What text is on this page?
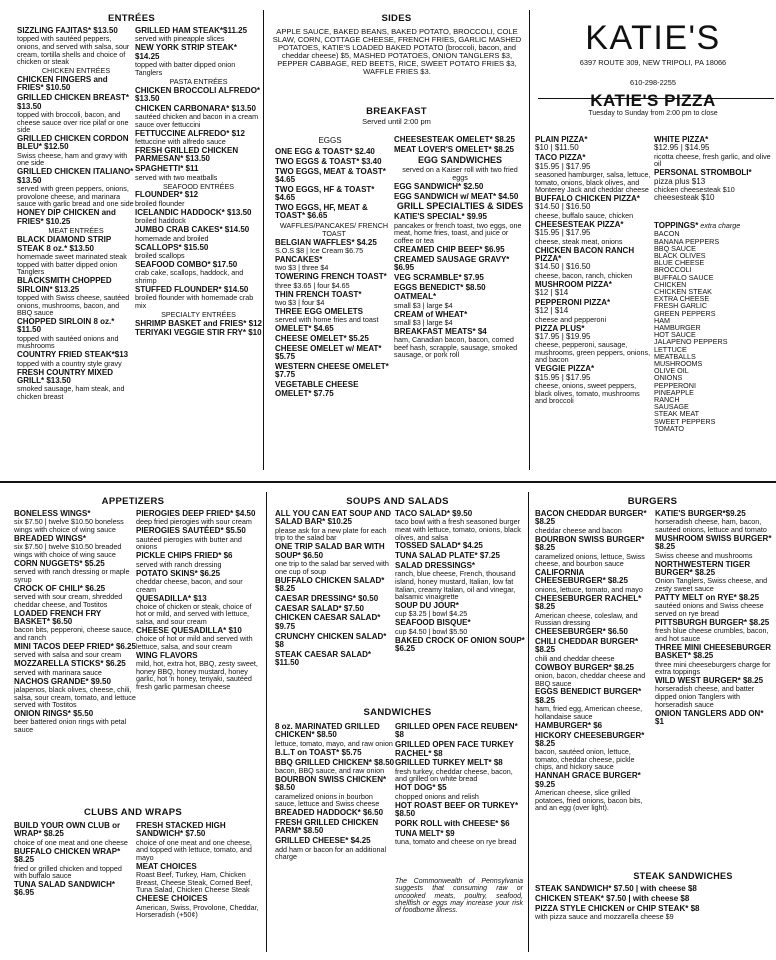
ENTRÉES
SIZZLING FAJITAS* $13.50
topped with sautéed peppers, onions, and served with salsa, sour cream, tortilla shells and choice of chicken or steak
CHICKEN ENTRÉES
CHICKEN FINGERS and FRIES* $10.50
GRILLED CHICKEN BREAST* $13.50
topped with broccoli, bacon, and cheese sauce over rice pilaf or one side
GRILLED CHICKEN CORDON BLEU* $12.50
Swiss cheese, ham and gravy with one side
GRILLED CHICKEN ITALIANO* $13.50
served with green peppers, onions, provolone cheese, and marinara sauce with garlic bread and one side
HONEY DIP CHICKEN and FRIES* $10.25
MEAT ENTRÉES
BLACK DIAMOND STRIP STEAK 8 oz.* $13.50
homemade sweet marinated steak topped with batter dipped onion Tanglers
BLACKSMITH CHOPPED SIRLOIN* $13.25
topped with Swiss cheese, sautéed onions, mushrooms, bacon, and BBQ sauce
CHOPPED SIRLOIN 8 oz.* $11.50
topped with sautéed onions and mushrooms
COUNTRY FRIED STEAK*$13
topped with a country style gravy
FRESH COUNTRY MIXED GRILL* $13.50
smoked sausage, ham steak, and chicken breast
GRILLED HAM STEAK*$11.25
served with pineapple slices
NEW YORK STRIP STEAK* $14.25
topped with batter dipped onion Tanglers
PASTA ENTRÉES
CHICKEN BROCCOLI ALFREDO* $13.50
CHICKEN CARBONARA* $13.50
sautéed chicken and bacon in a cream sauce over fettuccini
FETTUCCINE ALFREDO* $12
fettuccine with alfredo sauce
FRESH GRILLED CHICKEN PARMESAN* $13.50
SPAGHETTI* $11
served with two meatballs
SEAFOOD ENTRÉES
FLOUNDER* $12
broiled flounder
ICELANDIC HADDOCK* $13.50
broiled haddock
JUMBO CRAB CAKES* $14.50
homemade and broiled
SCALLOPS* $15.50
broiled scallops
SEAFOOD COMBO* $17.50
crab cake, scallops, haddock, and shrimp
STUFFED FLOUNDER* $14.50
broiled flounder with homemade crab mix
SPECIALTY ENTRÉES
SHRIMP BASKET and FRIES* $12
TERIYAKI VEGGIE STIR FRY* $10
SIDES
APPLE SAUCE, BAKED BEANS, BAKED POTATO, BROCCOLI, COLE SLAW, CORN, COTTAGE CHEESE, FRENCH FRIES, GARLIC MASHED POTATOES, KATIE'S LOADED BAKED POTATO (broccoli, bacon, and cheddar cheese) $5, MASHED POTATOES, ONION TANGLERS $3, PEPPER CABBAGE, RED BEETS, RICE, SWEET POTATO FRIES $3, WAFFLE FRIES $3.
BREAKFAST
Served until 2:00 pm
EGGS
ONE EGG & TOAST* $2.40
TWO EGGS & TOAST* $3.40
TWO EGGS, MEAT & TOAST* $4.65
TWO EGGS, HF & TOAST* $4.65
TWO EGGS, HF, MEAT & TOAST* $6.65
WAFFLES/PANCAKES/ FRENCH TOAST
BELGIAN WAFFLES* $4.25
S.O.S $8 | Ice Cream $6.75
PANCAKES*
two $3 | three $4
TOWERING FRENCH TOAST*
three $3.65 | four $4.65
THIN FRENCH TOAST*
two $3 | four $4
THREE EGG OMELETS
served with home fries and toast
OMELET* $4.65
CHEESE OMELET* $5.25
CHEESE OMELET w/ MEAT* $5.75
WESTERN CHEESE OMELET* $7.75
VEGETABLE CHEESE OMELET* $7.75
CHEESESTEAK OMELET* $8.25
MEAT LOVER'S OMELET* $8.25
EGG SANDWICHES
served on a Kaiser roll with two fried eggs
EGG SANDWICH* $2.50
EGG SANDWICH w/ MEAT* $4.50
GRILL SPECIALTIES & SIDES
KATIE'S SPECIAL* $9.95
pancakes or french toast, two eggs, one meat, home fries, toast, and juice or coffee or tea
CREAMED CHIP BEEF* $6.95
CREAMED SAUSAGE GRAVY* $6.95
VEG SCRAMBLE* $7.95
EGGS BENEDICT* $8.50
OATMEAL*
small $3 | large $4
CREAM of WHEAT*
small $3 | large $4
BREAKFAST MEATS* $4
ham, Canadian bacon, bacon, corned beef hash, scrapple, sausage, smoked sausage, or pork roll
KATIE'S
6397 ROUTE 309, NEW TRIPOLI, PA 18066
610-298-2255
KATIE'S PIZZA
Tuesday to Sunday from 2:00 pm to close
PLAIN PIZZA*
$10 | $11.50
TACO PIZZA*
$15.95 | $17.95
seasoned hamburger, salsa, lettuce, tomato, onions, black olives, and Monterey Jack and cheddar cheese
BUFFALO CHICKEN PIZZA*
$14.50 | $16.50
cheese, buffalo sauce, chicken
CHEESESTEAK PIZZA*
$15.95 | $17.95
cheese, steak meat, onions
CHICKEN BACON RANCH PIZZA*
$14.50 | $16.50
cheese, bacon, ranch, chicken
MUSHROOM PIZZA*
$12 | $14
PEPPERONI PIZZA*
$12 | $14
cheese and pepperoni
PIZZA PLUS*
$17.95 | $19.95
cheese, pepperoni, sausage, mushrooms, green peppers, onions, and bacon
VEGGIE PIZZA*
$15.95 | $17.95
cheese, onions, sweet peppers, black olives, tomato, mushrooms and broccoli
WHITE PIZZA*
$12.95 | $14.95
ricotta cheese, fresh garlic, and olive oil
PERSONAL STROMBOLI*
pizza plus $13
chicken cheesesteak $10
cheesesteak $10
TOPPINGS* extra charge
BACON
BANANA PEPPERS
BBQ SAUCE
BLACK OLIVES
BLUE CHEESE
BROCCOLI
BUFFALO SAUCE
CHICKEN
CHICKEN STEAK
EXTRA CHEESE
FRESH GARLIC
GREEN PEPPERS
HAM
HAMBURGER
HOT SAUCE
JALAPENO PEPPERS
LETTUCE
MEATBALLS
MUSHROOMS
OLIVE OIL
ONIONS
PEPPERONI
PINEAPPLE
RANCH
SAUSAGE
STEAK MEAT
SWEET PEPPERS
TOMATO
APPETIZERS
BONELESS WINGS*
six $7.50 | twelve $10.50 boneless wings with choice of wing sauce
BREADED WINGS*
six $7.50 | twelve $10.50 breaded wings with choice of wing sauce
CORN NUGGETS* $5.25
served with ranch dressing or maple syrup
CROCK OF CHILI* $6.25
served with sour cream, shredded cheddar cheese, and Tostitos
LOADED FRENCH FRY BASKET* $6.50
bacon bits, pepperoni, cheese sauce, and ranch
MINI TACOS DEEP FRIED* $6.25
served with salsa and sour cream
MOZZARELLA STICKS* $6.25
served with marinara sauce
NACHOS GRANDE* $9.50
jalapenos, black olives, cheese, chili, salsa, sour cream, tomato, and lettuce served with Tostitos
ONION RINGS* $5.50
beer battered onion rings with petal sauce
PIEROGIES DEEP FRIED* $4.50
deep fried pierogies with sour cream
PIEROGIES SAUTÉED* $5.50
sautéed pierogies with butter and onions
PICKLE CHIPS FRIED* $6
served with ranch dressing
POTATO SKINS* $6.25
cheddar cheese, bacon, and sour cream
QUESADILLA* $13
choice of chicken or steak, choice of hot or mild, and served with lettuce, salsa, and sour cream
CHEESE QUESADILLA* $10
choice of hot or mild and served with lettuce, salsa, and sour cream
WING FLAVORS
mild, hot, extra hot, BBQ, zesty sweet, honey BBQ, honey mustard, honey garlic, hot 'n honey, teriyaki, sautéed fresh garlic parmesan cheese
CLUBS AND WRAPS
BUILD YOUR OWN CLUB or WRAP* $8.25
choice of one meat and one cheese
BUFFALO CHICKEN WRAP* $8.25
fried or grilled chicken and topped with buffalo sauce
TUNA SALAD SANDWICH* $6.95
FRESH STACKED HIGH SANDWICH* $7.50
choice of one meat and one cheese, and topped with lettuce, tomato, and mayo
MEAT CHOICES
Roast Beef, Turkey, Ham, Chicken Breast, Cheese Steak, Corned Beef, Tuna Salad, Chicken Cheese Steak
CHEESE CHOICES
American, Swiss, Provolone, Cheddar, Horseradish (+50¢)
SOUPS AND SALADS
ALL YOU CAN EAT SOUP AND SALAD BAR* $10.25
please ask for a new plate for each trip to the salad bar
ONE TRIP SALAD BAR WITH SOUP* $6.50
one trip to the salad bar served with one cup of soup
BUFFALO CHICKEN SALAD* $8.25
CAESAR DRESSING* $0.50
CAESAR SALAD* $7.50
CHICKEN CAESAR SALAD* $9.75
CRUNCHY CHICKEN SALAD* $8
STEAK CAESAR SALAD* $11.50
TACO SALAD* $9.50
taco bowl with a fresh seasoned burger meat with lettuce, tomato, onions, black olives, and salsa
TOSSED SALAD* $4.25
TUNA SALAD PLATE* $7.25
SALAD DRESSINGS*
ranch, blue cheese, French, thousand island, honey mustard, Italian, low fat Italian, creamy Italian, oil and vinegar, balsamic vinaigrette
SOUP DU JOUR*
cup $3.25 | bowl $4.25
SEAFOOD BISQUE*
cup $4.50 | bowl $5.50
BAKED CROCK OF ONION SOUP* $6.25
SANDWICHES
8 oz. MARINATED GRILLED CHICKEN* $8.50
lettuce, tomato, mayo, and raw onion
B.L.T on TOAST* $5.75
BBQ GRILLED CHICKEN* $8.50
bacon, BBQ sauce, and raw onion
BOURBON SWISS CHICKEN* $8.50
caramelized onions in bourbon sauce, lettuce and Swiss cheese
BREADED HADDOCK* $6.50
FRESH GRILLED CHICKEN PARM* $8.50
GRILLED CHEESE* $4.25
add ham or bacon for an additional charge
GRILLED OPEN FACE REUBEN* $8
GRILLED OPEN FACE TURKEY RACHEL* $8
GRILLED TURKEY MELT* $8
fresh turkey, cheddar cheese, bacon, and grilled on white bread
HOT DOG* $5
chopped onions and relish
HOT ROAST BEEF OR TURKEY* $8.50
PORK ROLL with CHEESE* $6
TUNA MELT* $9
tuna, tomato and cheese on rye bread
The Commonwealth of Pennsylvania suggests that consuming raw or uncooked meats, poultry, seafood, shellfish or eggs may increase your risk of foodborne illness.
BURGERS
BACON CHEDDAR BURGER* $8.25
cheddar cheese and bacon
BOURBON SWISS BURGER* $8.25
caramelized onions, lettuce, Swiss cheese, and bourbon sauce
CALIFORNIA CHEESEBURGER* $8.25
onions, lettuce, tomato, and mayo
CHEESEBURGER RACHEL* $8.25
American cheese, coleslaw, and Russian dressing
CHEESEBURGER* $6.50
CHILI CHEDDAR BURGER* $8.25
chili and cheddar cheese
COWBOY BURGER* $8.25
onion, bacon, cheddar cheese and BBQ sauce
EGGS BENEDICT BURGER* $8.25
ham, fried egg, American cheese, hollandaise sauce
HAMBURGER* $6
HICKORY CHEESEBURGER* $8.25
bacon, sautéed onion, lettuce, tomato, cheddar cheese, pickle chips, and hickory sauce
HANNAH GRACE BURGER* $9.25
American cheese, slice grilled potatoes, fried onions, bacon bits, and an egg (over light).
KATIE'S BURGER*$9.25
horseradish cheese, ham, bacon, sautéed onions, lettuce and tomato
MUSHROOM SWISS BURGER* $8.25
Swiss cheese and mushrooms
NORTHWESTERN TIGER BURGER* $8.25
Onion Tanglers, Swiss cheese, and zesty sweet sauce
PATTY MELT on RYE* $8.25
sautéed onions and Swiss cheese served on rye bread
PITTSBURGH BURGER* $8.25
fresh blue cheese crumbles, bacon, and hot sauce
THREE MINI CHEESEBURGER BASKET* $8.25
three mini cheeseburgers charge for extra toppings
WILD WEST BURGER* $8.25
horseradish cheese, and batter dipped onion Tanglers with horseradish sauce
ONION TANGLERS ADD ON* $1
STEAK SANDWICHES
STEAK SANDWICH* $7.50 | with cheese $8
CHICKEN STEAK* $7.50 | with cheese $8
PIZZA STYLE CHICKEN or CHIP STEAK* $8
with pizza sauce and mozzarella cheese $9
